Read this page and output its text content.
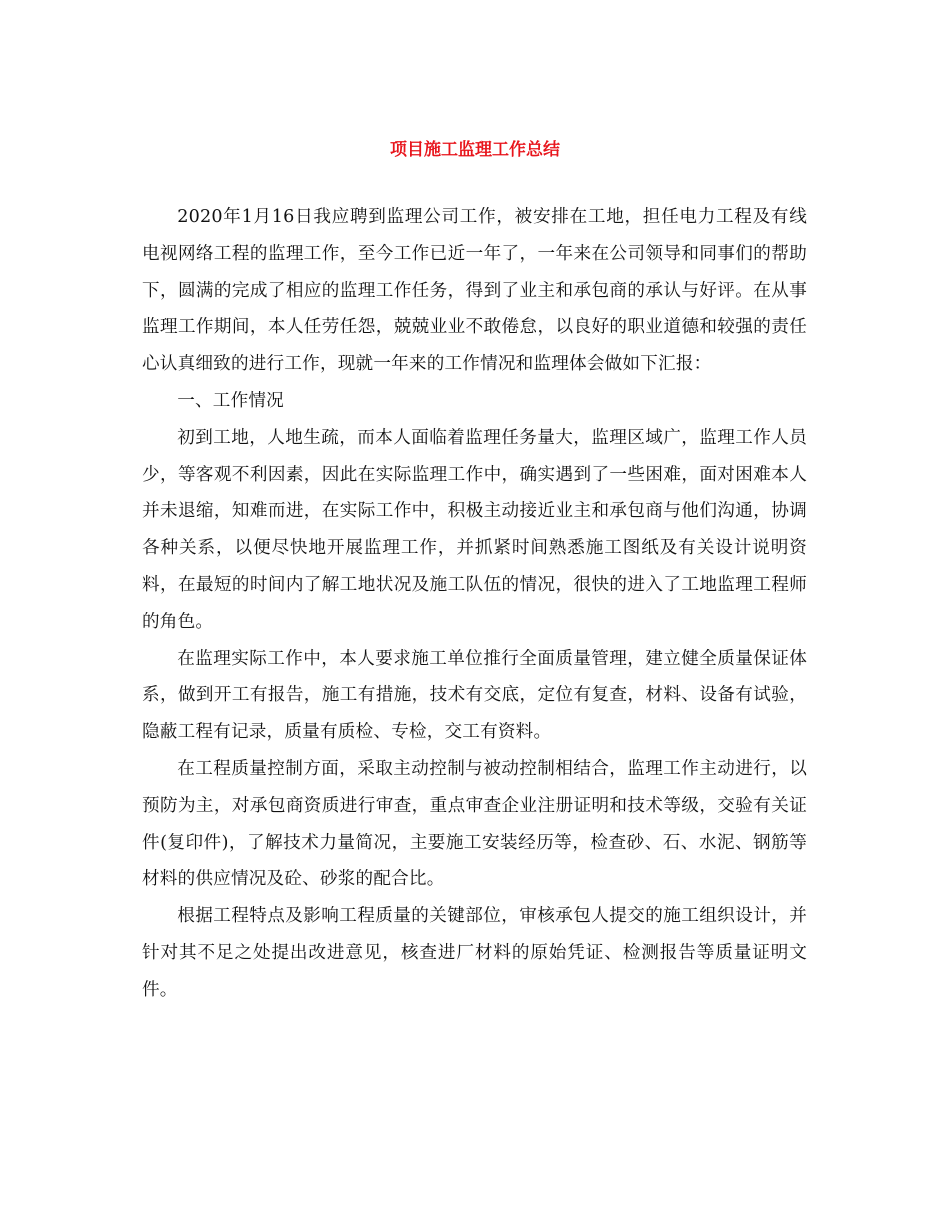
项目施工监理工作总结

2020年1月16日我应聘到监理公司工作，被安排在工地，担任电力工程及有线电视网络工程的监理工作，至今工作已近一年了，一年来在公司领导和同事们的帮助下，圆满的完成了相应的监理工作任务，得到了业主和承包商的承认与好评。在从事监理工作期间，本人任劳任怨，兢兢业业不敢倦怠，以良好的职业道德和较强的责任心认真细致的进行工作，现就一年来的工作情况和监理体会做如下汇报：

一、工作情况

初到工地，人地生疏，而本人面临着监理任务量大，监理区域广，监理工作人员少，等客观不利因素，因此在实际监理工作中，确实遇到了一些困难，面对困难本人并未退缩，知难而进，在实际工作中，积极主动接近业主和承包商与他们沟通，协调各种关系，以便尽快地开展监理工作，并抓紧时间熟悉施工图纸及有关设计说明资料，在最短的时间内了解工地状况及施工队伍的情况，很快的进入了工地监理工程师的角色。

在监理实际工作中，本人要求施工单位推行全面质量管理，建立健全质量保证体系，做到开工有报告，施工有措施，技术有交底，定位有复查，材料、设备有试验，隐蔽工程有记录，质量有质检、专检，交工有资料。

在工程质量控制方面，采取主动控制与被动控制相结合，监理工作主动进行，以预防为主，对承包商资质进行审查，重点审查企业注册证明和技术等级，交验有关证件(复印件)，了解技术力量简况，主要施工安装经历等，检查砂、石、水泥、钢筋等材料的供应情况及砼、砂浆的配合比。

根据工程特点及影响工程质量的关键部位，审核承包人提交的施工组织设计，并针对其不足之处提出改进意见，核查进厂材料的原始凭证、检测报告等质量证明文件。
